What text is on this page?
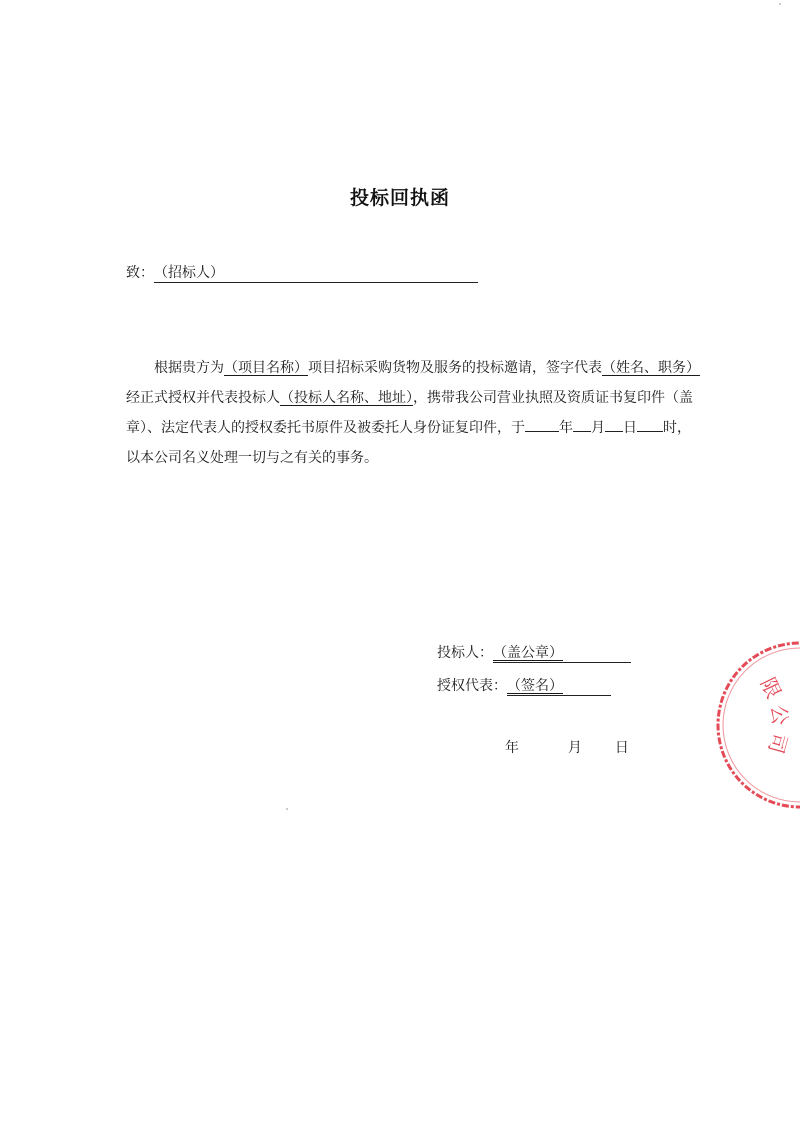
投标回执函
致：（招标人）
根据贵方为（项目名称）项目招标采购货物及服务的投标邀请，签字代表（姓名、职务）
经正式授权并代表投标人（投标人名称、地址），携带我公司营业执照及资质证书复印件（盖
章）、法定代表人的授权委托书原件及被委托人身份证复印件，于 年 月 日 时，
以本公司名义处理一切与之有关的事务。
投标人：（盖公章）
授权代表：（签名）
年	月 日
限公司
